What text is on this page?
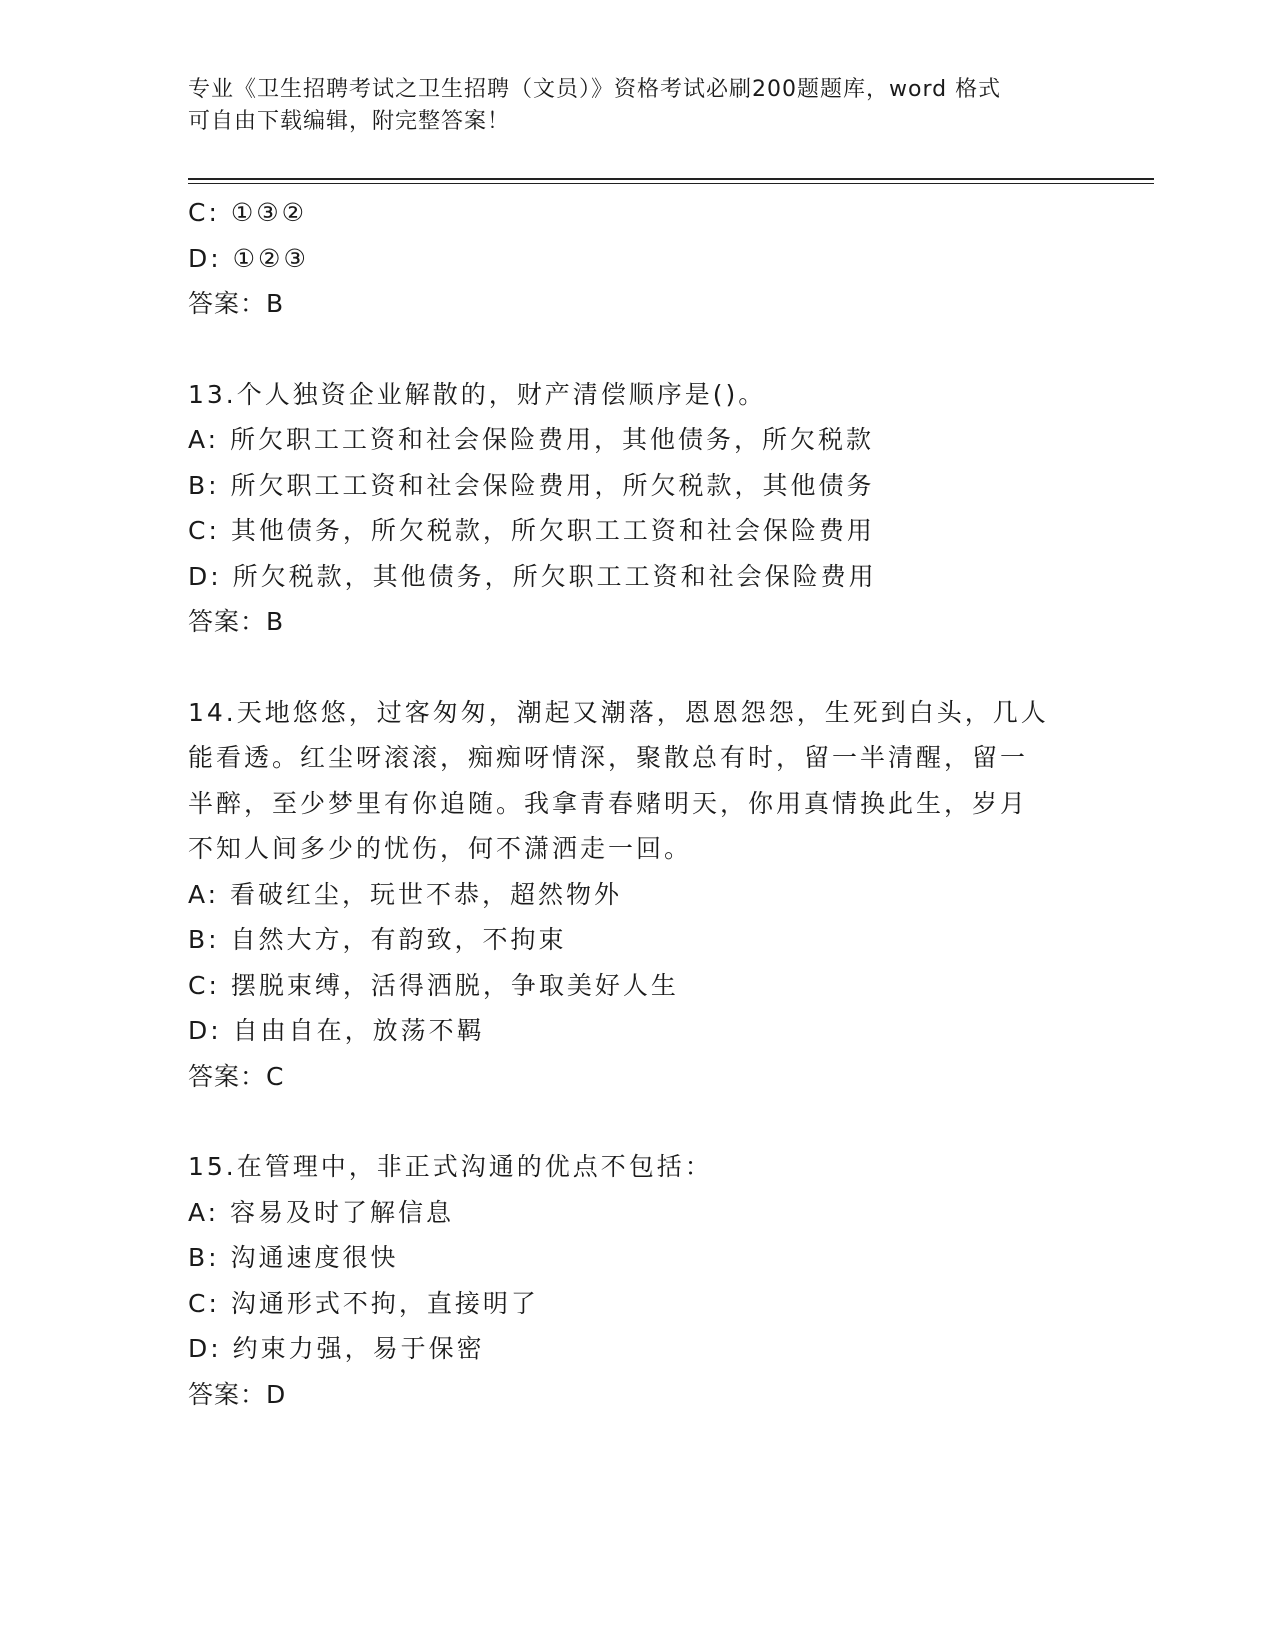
专业《卫生招聘考试之卫生招聘（文员）》资格考试必刷200题题库，word 格式
可自由下载编辑，附完整答案！
C: ①③②
D: ①②③
答案：B
13.个人独资企业解散的，财产清偿顺序是()。
A: 所欠职工工资和社会保险费用，其他债务，所欠税款
B: 所欠职工工资和社会保险费用，所欠税款，其他债务
C: 其他债务，所欠税款，所欠职工工资和社会保险费用
D: 所欠税款，其他债务，所欠职工工资和社会保险费用
答案：B
14.天地悠悠，过客匆匆，潮起又潮落，恩恩怨怨，生死到白头，几人
能看透。红尘呀滚滚，痴痴呀情深，聚散总有时，留一半清醒，留一
半醉，至少梦里有你追随。我拿青春赌明天，你用真情换此生，岁月
不知人间多少的忧伤，何不潇洒走一回。
A: 看破红尘，玩世不恭，超然物外
B: 自然大方，有韵致，不拘束
C: 摆脱束缚，活得洒脱，争取美好人生
D: 自由自在，放荡不羁
答案：C
15.在管理中，非正式沟通的优点不包括：
A: 容易及时了解信息
B: 沟通速度很快
C: 沟通形式不拘，直接明了
D: 约束力强，易于保密
答案：D
